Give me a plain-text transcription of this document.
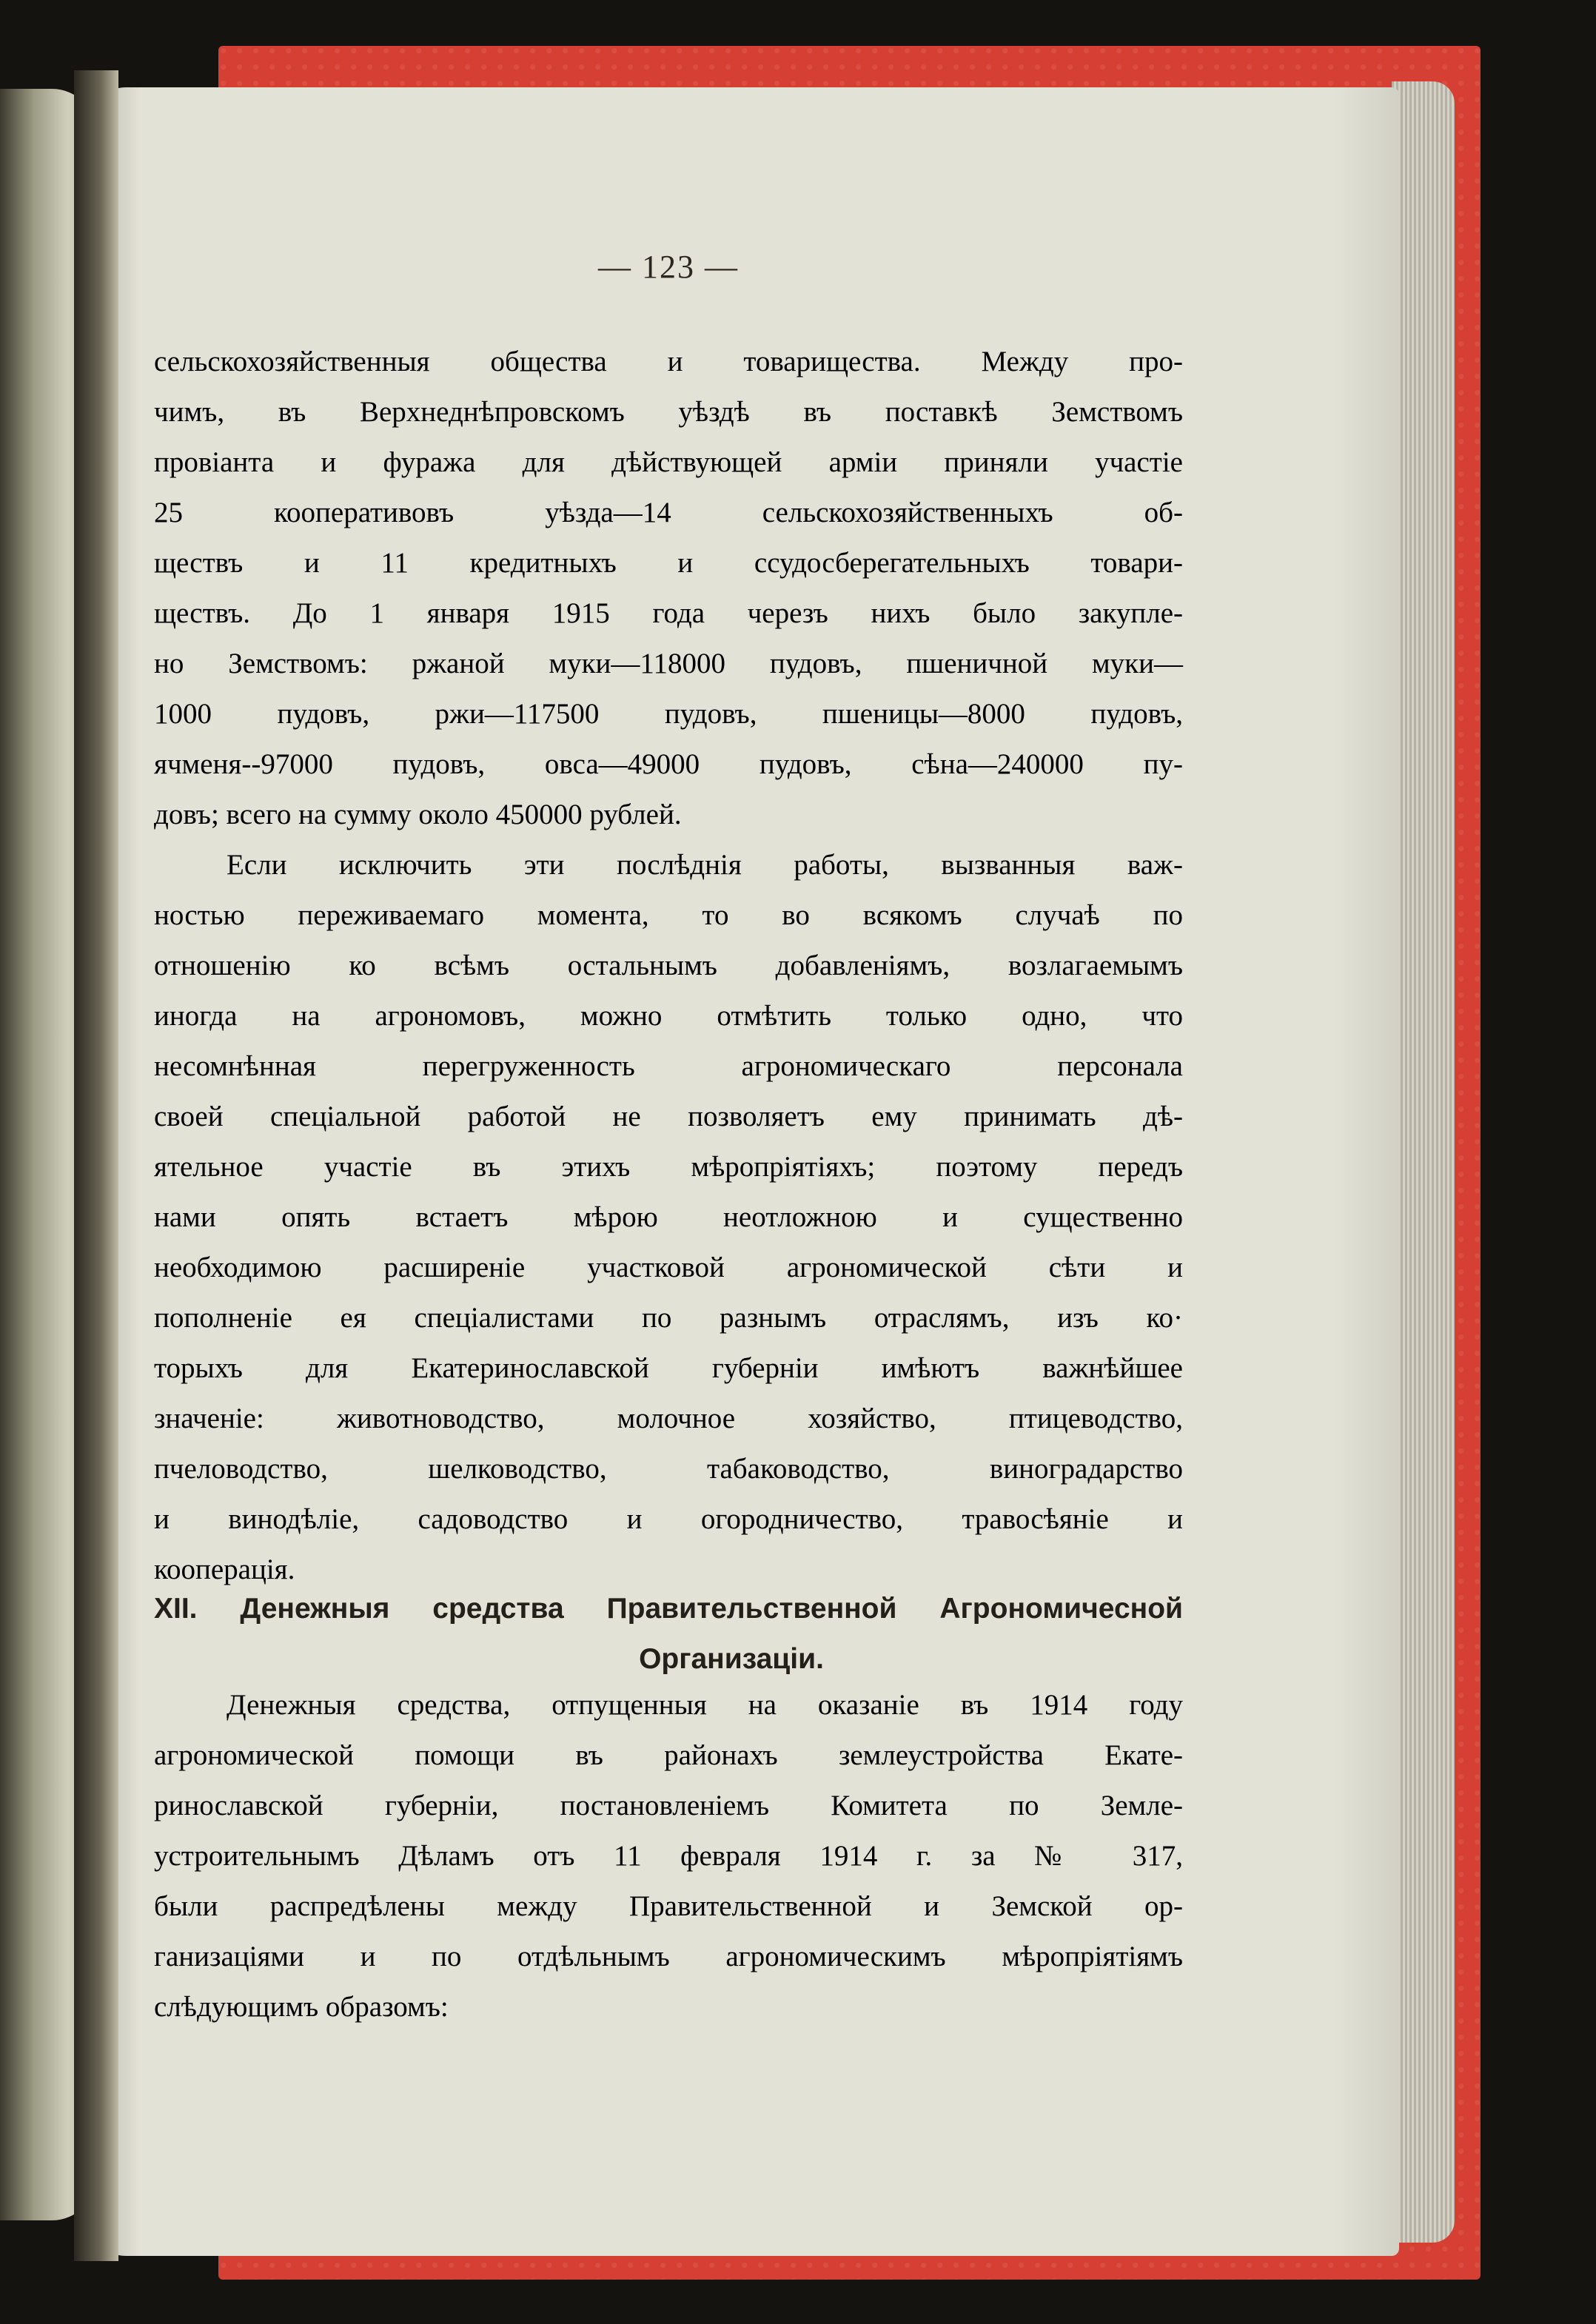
— 123 —
сельскохозяйственныя общества и товарищества. Между про-
чимъ, въ Верхнеднѣпровскомъ уѣздѣ въ поставкѣ Земствомъ
провіанта и фуража для дѣйствующей арміи приняли участіе
25 кооперативовъ уѣзда—14 сельскохозяйственныхъ об-
ществъ и 11 кредитныхъ и ссудосберегательныхъ товари-
ществъ. До 1 января 1915 года черезъ нихъ было закупле-
но Земствомъ: ржаной муки—118000 пудовъ, пшеничной муки—
1000 пудовъ, ржи—117500 пудовъ, пшеницы—8000 пудовъ,
ячменя--97000 пудовъ, овса—49000 пудовъ, сѣна—240000 пу-
довъ; всего на сумму около 450000 рублей.
Если исключить эти послѣднія работы, вызванныя важ-
ностью переживаемаго момента, то во всякомъ случаѣ по
отношенію ко всѣмъ остальнымъ добавленіямъ, возлагаемымъ
иногда на агрономовъ, можно отмѣтить только одно, что
несомнѣнная перегруженность агрономическаго персонала
своей спеціальной работой не позволяетъ ему принимать дѣ-
ятельное участіе въ этихъ мѣропріятіяхъ; поэтому передъ
нами опять встаетъ мѣрою неотложною и существенно
необходимою расширеніе участковой агрономической сѣти и
пополненіе ея спеціалистами по разнымъ отраслямъ, изъ ко·
торыхъ для Екатеринославской губерніи имѣютъ важнѣйшее
значеніе: животноводство, молочное хозяйство, птицеводство,
пчеловодство, шелководство, табаководство, виноградарство
и винодѣліе, садоводство и огородничество, травосѣяніе и
кооперація.
XII. Денежныя средства Правительственной Агрономичесной
Организаціи.
Денежныя средства, отпущенныя на оказаніе въ 1914 году
агрономической помощи въ районахъ землеустройства Екате-
ринославской губерніи, постановленіемъ Комитета по Земле-
устроительнымъ Дѣламъ отъ 11 февраля 1914 г. за № 317,
были распредѣлены между Правительственной и Земской ор-
ганизаціями и по отдѣльнымъ агрономическимъ мѣропріятіямъ
слѣдующимъ образомъ:
